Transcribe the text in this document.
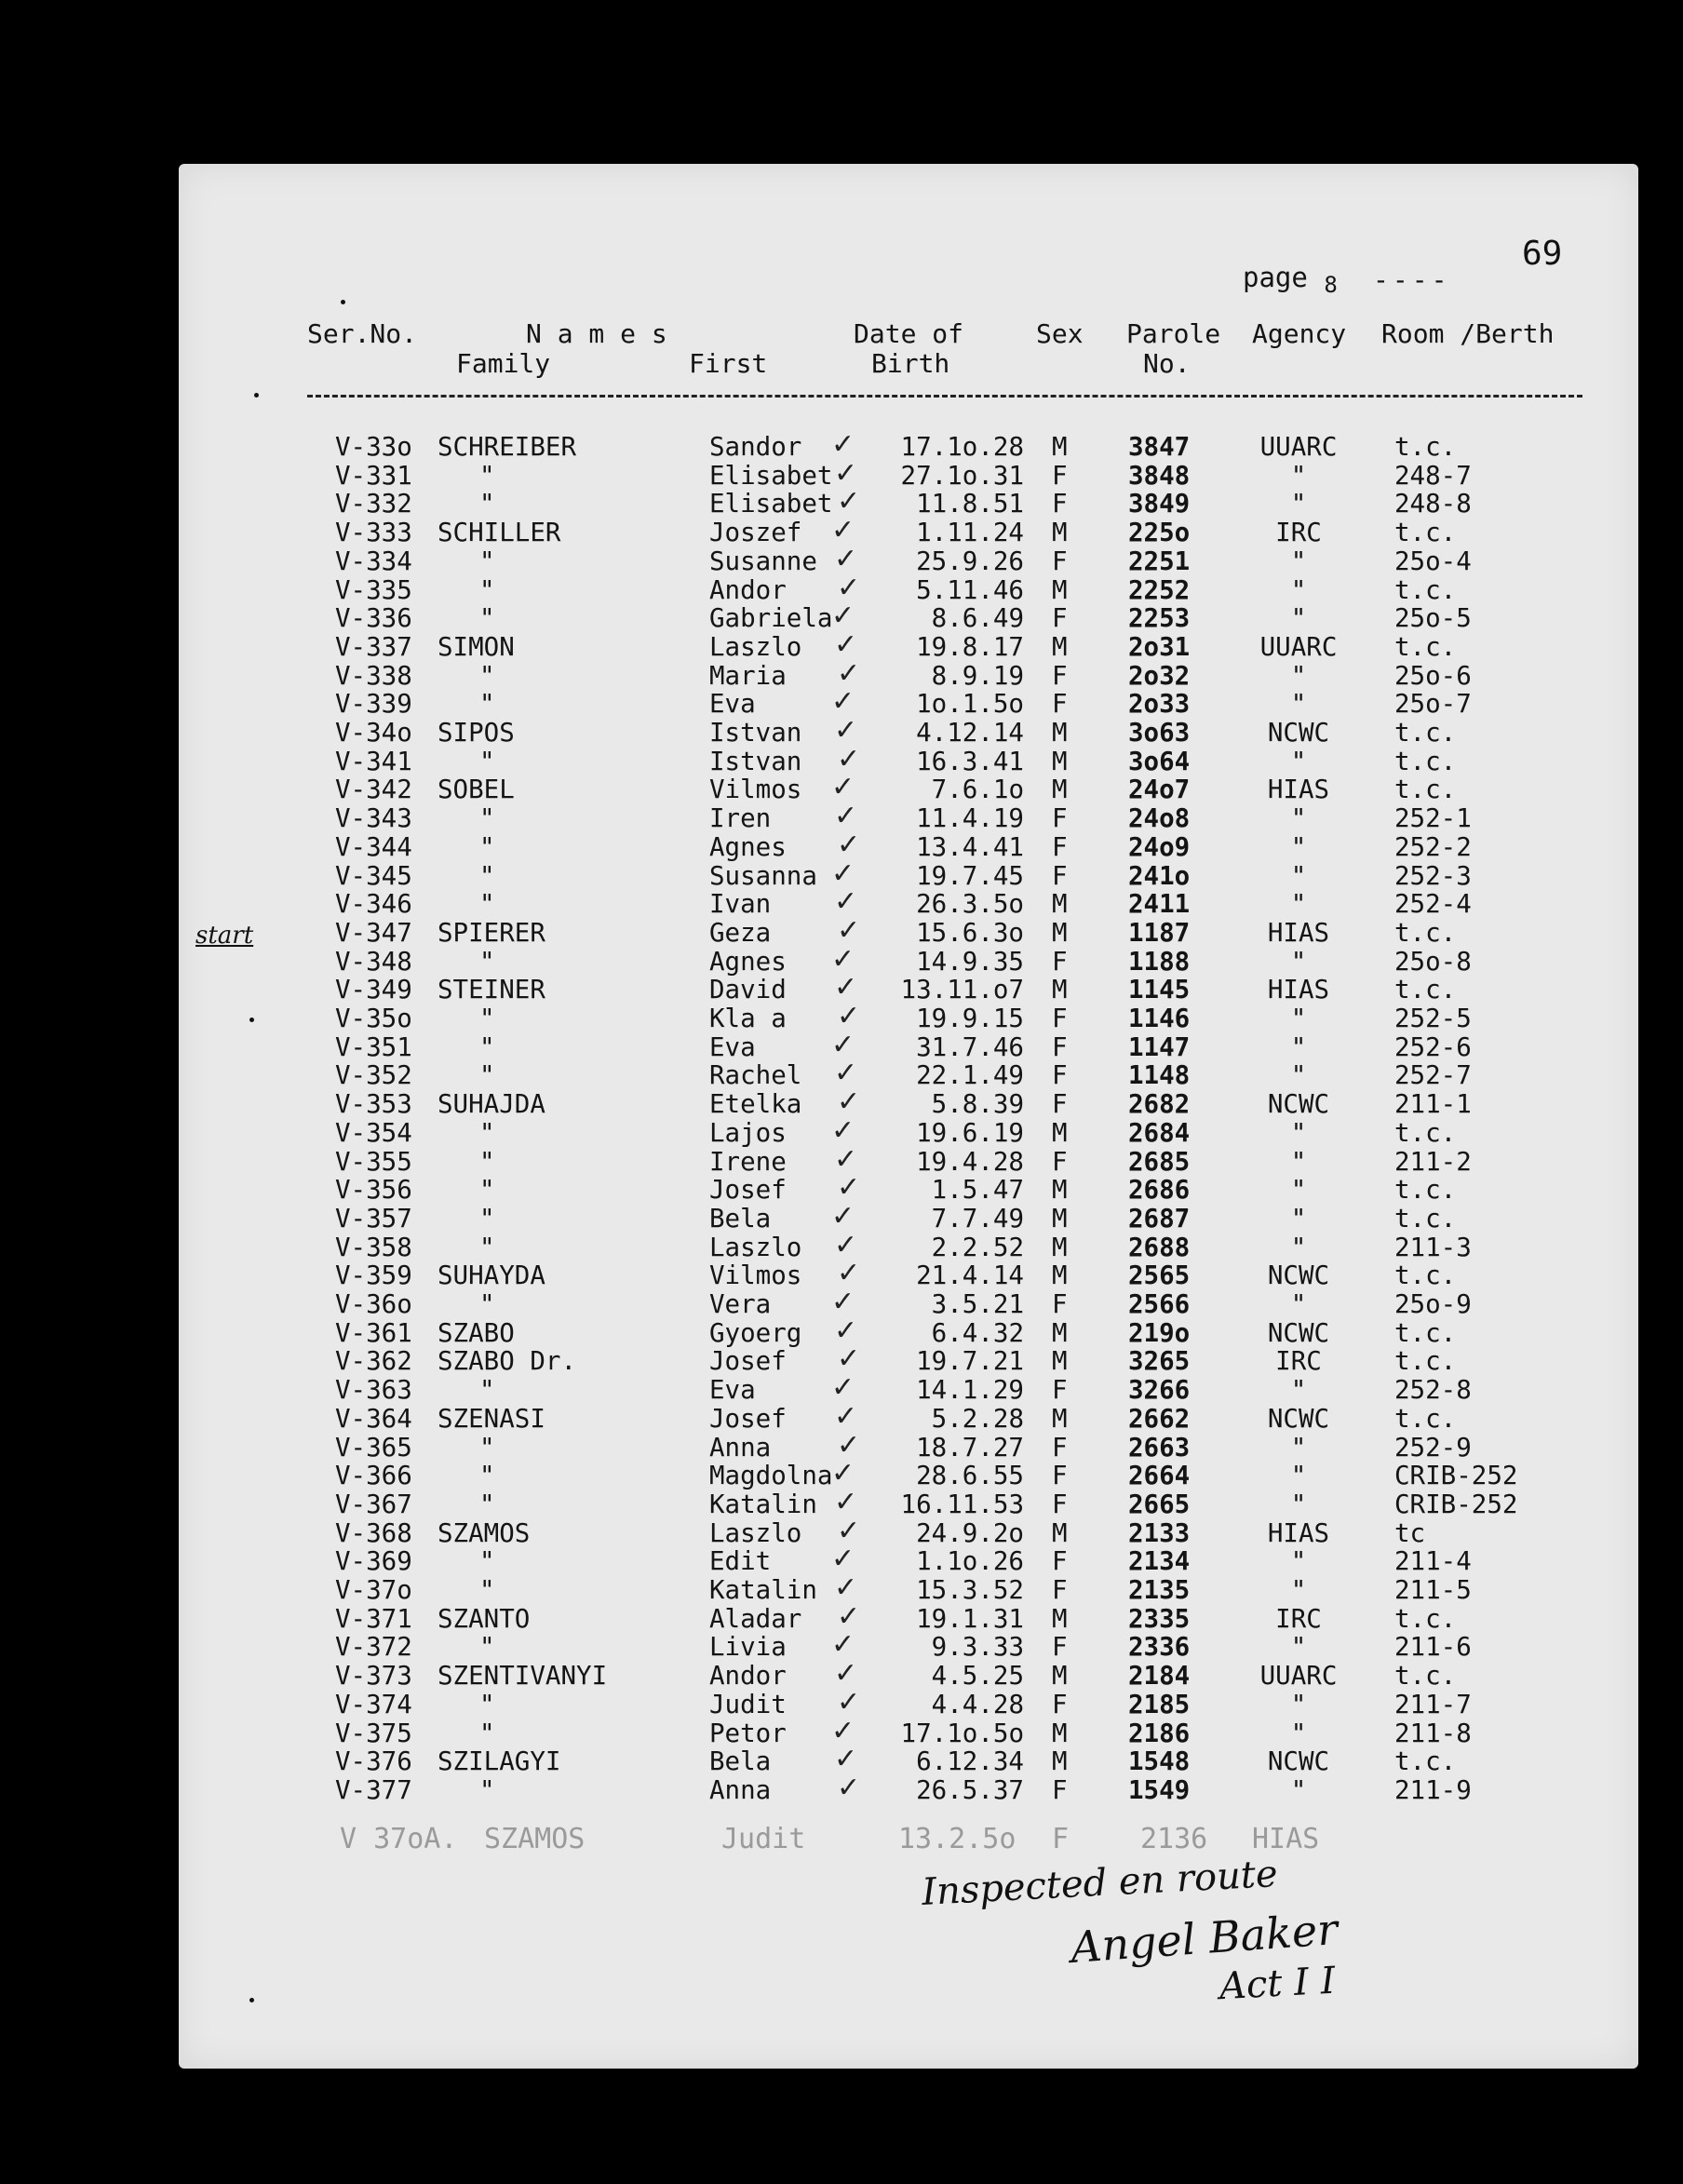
69
page $_8$ ----
Ser.No.	N a m e s
Family	First
Date of
Birth
Sex Parole
No.
Agency Room /Berth
V-33o SCHREIBER	Sandor	17.1o.28 M 3847	UUARC	t.c.
✓
V-331	"	Elisabet	27.1o.31 F 3848	"	248-7
✓
V-332	"	Elisabet	11.8.51 F 3849	"	248-8
✓
V-333 SCHILLER	Joszef	1.11.24 M 225o	IRC	t.c.
✓
V-334	"	Susanne	25.9.26 F 2251	"	25o-4
✓
V-335	"	Andor	5.11.46 M 2252	"	t.c.
✓
V-336	"	Gabriela	8.6.49 F 2253	"	25o-5
✓
V-337 SIMON	Laszlo	19.8.17 M 2o31	UUARC	t.c.
✓
V-338	"	Maria	8.9.19 F 2o32	"	25o-6
✓
V-339	"	Eva	1o.1.5o F 2o33	"	25o-7
✓
V-34o SIPOS	Istvan	4.12.14 M 3o63	NCWC	t.c.
✓
V-341	"	Istvan	16.3.41 M 3o64	"	t.c.
✓
V-342 SOBEL	Vilmos	7.6.1o M 24o7	HIAS	t.c.
✓
V-343	"	Iren	11.4.19 F 24o8	"	252-1
✓
V-344	"	Agnes	13.4.41 F 24o9	"	252-2
✓
V-345	"	Susanna	19.7.45 F 241o	"	252-3
✓
V-346	"	Ivan	26.3.5o M 2411	"	252-4
✓
V-347 SPIERER	Geza	15.6.3o M 1187	HIAS	t.c.
✓
V-348	"	Agnes	14.9.35 F 1188	"	25o-8
✓
V-349 STEINER	David	13.11.o7 M 1145	HIAS	t.c.
✓
V-35o	"	Kla a	19.9.15 F 1146	"	252-5
✓
V-351	"	Eva	31.7.46 F 1147	"	252-6
✓
V-352	"	Rachel	22.1.49 F 1148	"	252-7
✓
V-353 SUHAJDA	Etelka	5.8.39 F 2682	NCWC	211-1
✓
V-354	"	Lajos	19.6.19 M 2684	"	t.c.
✓
V-355	"	Irene	19.4.28 F 2685	"	211-2
✓
V-356	"	Josef	1.5.47 M 2686	"	t.c.
✓
V-357	"	Bela	7.7.49 M 2687	"	t.c.
✓
V-358	"	Laszlo	2.2.52 M 2688	"	211-3
✓
V-359 SUHAYDA	Vilmos	21.4.14 M 2565	NCWC	t.c.
✓
V-36o	"	Vera	3.5.21 F 2566	"	25o-9
✓
V-361 SZABO	Gyoerg	6.4.32 M 219o	NCWC	t.c.
✓
V-362 SZABO Dr.	Josef	19.7.21 M 3265	IRC	t.c.
✓
V-363	"	Eva	14.1.29 F 3266	"	252-8
✓
V-364 SZENASI	Josef	5.2.28 M 2662	NCWC	t.c.
✓
V-365	"	Anna	18.7.27 F 2663	"	252-9
✓
V-366	"	Magdolna	28.6.55 F 2664	"	CRIB-252
✓
V-367	"	Katalin	16.11.53 F 2665	"	CRIB-252
✓
V-368 SZAMOS	Laszlo	24.9.2o M 2133	HIAS	tc
✓
V-369	"	Edit	1.1o.26 F 2134	"	211-4
✓
V-37o	"	Katalin	15.3.52 F 2135	"	211-5
✓
V-371 SZANTO	Aladar	19.1.31 M 2335	IRC	t.c.
✓
V-372	"	Livia	9.3.33 F 2336	"	211-6
✓
V-373 SZENTIVANYI	Andor	4.5.25 M 2184	UUARC	t.c.
✓
V-374	"	Judit	4.4.28 F 2185	"	211-7
✓
V-375	"	Petor	17.1o.5o M 2186	"	211-8
✓
V-376 SZILAGYI	Bela	6.12.34 M 1548	NCWC	t.c.
✓
V-377	"	Anna	26.5.37 F 1549	"	211-9
✓
V 37oA. SZAMOS	Judit	13.2.5o F	2136 HIAS
start
Inspected en route
Angel Baker
Act I I
